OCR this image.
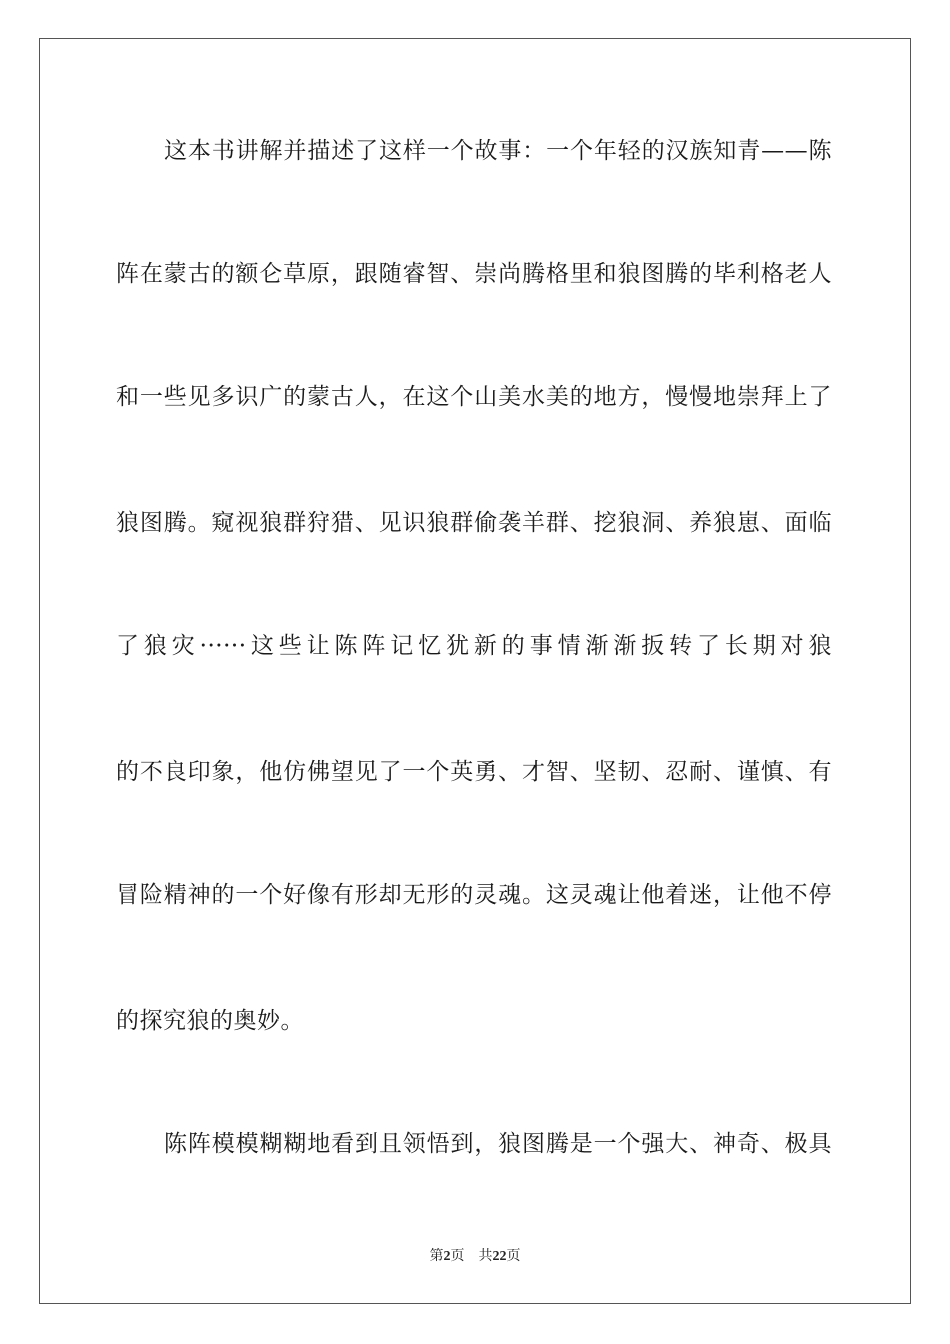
这本书讲解并描述了这样一个故事：一个年轻的汉族知青——陈
阵在蒙古的额仑草原，跟随睿智、崇尚腾格里和狼图腾的毕利格老人
和一些见多识广的蒙古人，在这个山美水美的地方，慢慢地崇拜上了
狼图腾。窥视狼群狩猎、见识狼群偷袭羊群、挖狼洞、养狼崽、面临
了狼灾······这些让陈阵记忆犹新的事情渐渐扳转了长期对狼
的不良印象，他仿佛望见了一个英勇、才智、坚韧、忍耐、谨慎、有
冒险精神的一个好像有形却无形的灵魂。这灵魂让他着迷，让他不停
的探究狼的奥妙。
陈阵模模糊糊地看到且领悟到，狼图腾是一个强大、神奇、极具
第2页 共22页
